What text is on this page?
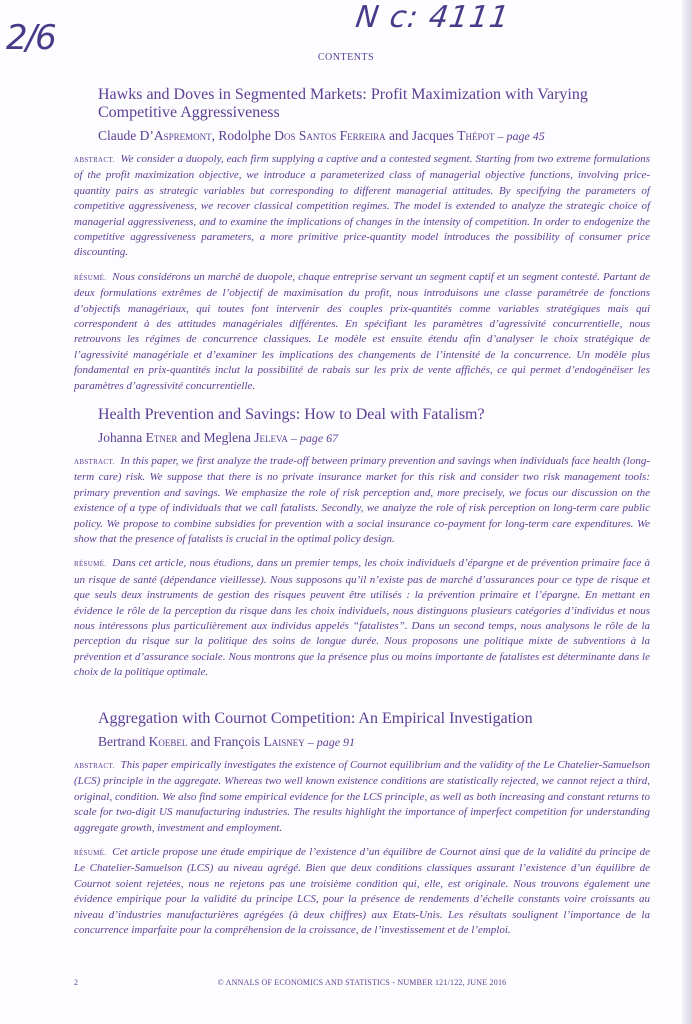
2/6
N c: 4111
CONTENTS
Hawks and Doves in Segmented Markets: Profit Maximization with Varying Competitive Aggressiveness
Claude D’Aspremont, Rodolphe Dos Santos Ferreira and Jacques Thépot – page 45

ABSTRACT. We consider a duopoly, each firm supplying a captive and a contested segment. Starting from two extreme formulations of the profit maximization objective, we introduce a parameterized class of managerial objective functions, involving price-quantity pairs as strategic variables but corresponding to different managerial attitudes. By specifying the parameters of competitive aggressiveness, we recover classical competition regimes. The model is extended to analyze the strategic choice of managerial aggressiveness, and to examine the implications of changes in the intensity of competition. In order to endogenize the competitive aggressiveness parameters, a more primitive price-quantity model introduces the possibility of consumer price discounting.

RÉSUMÉ. Nous considérons un marché de duopole, chaque entreprise servant un segment captif et un segment contesté. Partant de deux formulations extrêmes de l’objectif de maximisation du profit, nous introduisons une classe paramétrée de fonctions d’objectifs managériaux, qui toutes font intervenir des couples prix-quantités comme variables stratégiques mais qui correspondent à des attitudes managériales différentes. En spécifiant les paramètres d’agressivité concurrentielle, nous retrouvons les régimes de concurrence classiques. Le modèle est ensuite étendu afin d’analyser le choix stratégique de l’agressivité managériale et d’examiner les implications des changements de l’intensité de la concurrence. Un modèle plus fondamental en prix-quantités inclut la possibilité de rabais sur les prix de vente affichés, ce qui permet d’endogénéiser les paramètres d’agressivité concurrentielle.

Health Prevention and Savings: How to Deal with Fatalism?
Johanna Etner and Meglena Jeleva – page 67

ABSTRACT. In this paper, we first analyze the trade-off between primary prevention and savings when individuals face health (long-term care) risk. We suppose that there is no private insurance market for this risk and consider two risk management tools: primary prevention and savings. We emphasize the role of risk perception and, more precisely, we focus our discussion on the existence of a type of individuals that we call fatalists. Secondly, we analyze the role of risk perception on long-term care public policy. We propose to combine subsidies for prevention with a social insurance co-payment for long-term care expenditures. We show that the presence of fatalists is crucial in the optimal policy design.

RÉSUMÉ. Dans cet article, nous étudions, dans un premier temps, les choix individuels d’épargne et de prévention primaire face à un risque de santé (dépendance vieillesse). Nous supposons qu’il n’existe pas de marché d’assurances pour ce type de risque et que seuls deux instruments de gestion des risques peuvent être utilisés : la prévention primaire et l’épargne. En mettant en évidence le rôle de la perception du risque dans les choix individuels, nous distinguons plusieurs catégories d’individus et nous nous intéressons plus particulièrement aux individus appelés “fatalistes”. Dans un second temps, nous analysons le rôle de la perception du risque sur la politique des soins de longue durée. Nous proposons une politique mixte de subventions à la prévention et d’assurance sociale. Nous montrons que la présence plus ou moins importante de fatalistes est déterminante dans le choix de la politique optimale.

Aggregation with Cournot Competition: An Empirical Investigation
Bertrand Koebel and François Laisney – page 91

ABSTRACT. This paper empirically investigates the existence of Cournot equilibrium and the validity of the Le Chatelier-Samuelson (LCS) principle in the aggregate. Whereas two well known existence conditions are statistically rejected, we cannot reject a third, original, condition. We also find some empirical evidence for the LCS principle, as well as both increasing and constant returns to scale for two-digit US manufacturing industries. The results highlight the importance of imperfect competition for understanding aggregate growth, investment and employment.

RÉSUMÉ. Cet article propose une étude empirique de l’existence d’un équilibre de Cournot ainsi que de la validité du principe de Le Chatelier-Samuelson (LCS) au niveau agrégé. Bien que deux conditions classiques assurant l’existence d’un équilibre de Cournot soient rejetées, nous ne rejetons pas une troisième condition qui, elle, est originale. Nous trouvons également une évidence empirique pour la validité du principe LCS, pour la présence de rendements d’échelle constants voire croissants au niveau d’industries manufacturières agrégées (à deux chiffres) aux Etats-Unis. Les résultats soulignent l’importance de la concurrence imparfaite pour la compréhension de la croissance, de l’investissement et de l’emploi.

2	© ANNALS OF ECONOMICS AND STATISTICS - NUMBER 121/122, JUNE 2016
